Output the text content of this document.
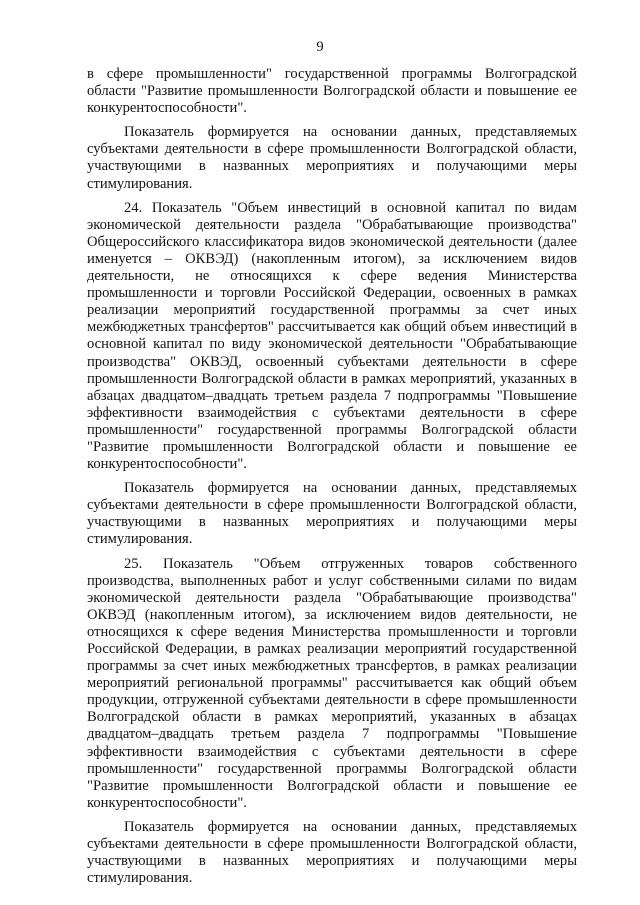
9

в сфере промышленности" государственной программы Волгоградской области "Развитие промышленности Волгоградской области и повышение ее конкурентоспособности".

Показатель формируется на основании данных, представляемых субъектами деятельности в сфере промышленности Волгоградской области, участвующими в названных мероприятиях и получающими меры стимулирования.

24. Показатель "Объем инвестиций в основной капитал по видам экономической деятельности раздела "Обрабатывающие производства" Общероссийского классификатора видов экономической деятельности (далее именуется – ОКВЭД) (накопленным итогом), за исключением видов деятельности, не относящихся к сфере ведения Министерства промышленности и торговли Российской Федерации, освоенных в рамках реализации мероприятий государственной программы за счет иных межбюджетных трансфертов" рассчитывается как общий объем инвестиций в основной капитал по виду экономической деятельности "Обрабатывающие производства" ОКВЭД, освоенный субъектами деятельности в сфере промышленности Волгоградской области в рамках мероприятий, указанных в абзацах двадцатом–двадцать третьем раздела 7 подпрограммы "Повышение эффективности взаимодействия с субъектами деятельности в сфере промышленности" государственной программы Волгоградской области "Развитие промышленности Волгоградской области и повышение ее конкурентоспособности".

Показатель формируется на основании данных, представляемых субъектами деятельности в сфере промышленности Волгоградской области, участвующими в названных мероприятиях и получающими меры стимулирования.

25. Показатель "Объем отгруженных товаров собственного производства, выполненных работ и услуг собственными силами по видам экономической деятельности раздела "Обрабатывающие производства" ОКВЭД (накопленным итогом), за исключением видов деятельности, не относящихся к сфере ведения Министерства промышленности и торговли Российской Федерации, в рамках реализации мероприятий государственной программы за счет иных межбюджетных трансфертов, в рамках реализации мероприятий региональной программы" рассчитывается как общий объем продукции, отгруженной субъектами деятельности в сфере промышленности Волгоградской области в рамках мероприятий, указанных в абзацах двадцатом–двадцать третьем раздела 7 подпрограммы "Повышение эффективности взаимодействия с субъектами деятельности в сфере промышленности" государственной программы Волгоградской области "Развитие промышленности Волгоградской области и повышение ее конкурентоспособности".

Показатель формируется на основании данных, представляемых субъектами деятельности в сфере промышленности Волгоградской области, участвующими в названных мероприятиях и получающими меры стимулирования.
